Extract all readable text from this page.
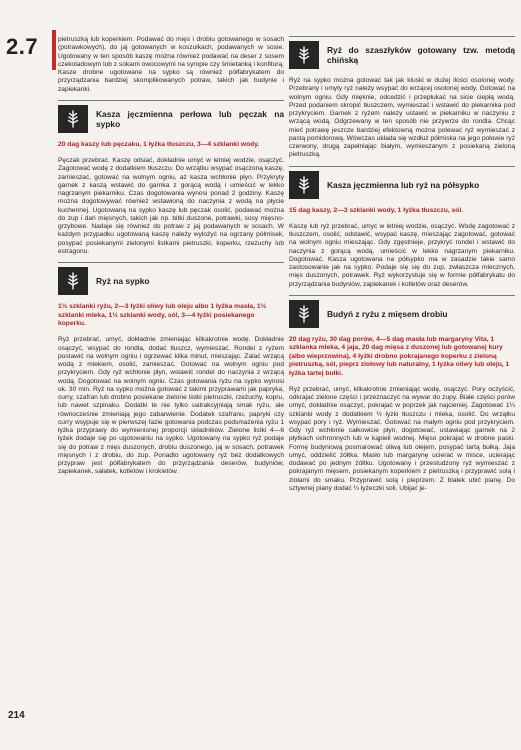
2.7	pietruszką lub koperkiem. Podawać do mięs i drobiu gotowanego w sosach (potrawkowych), do jaj gotowanych w koszulkach, podawanych w sosie. Ugotowany w ten sposób kaszę można również podawać na deser z sosem czekoladowym lub z sokami owocowymi na syropie czy śmietanką i konfiturą. Kasze drobne ugotowane na sypko są również półfabrykatem do przyrządzania bardziej skomplikowanych potraw, takich jak budynie i zapiekanki.

Kasza jęczmienna perłowa lub pęczak na sypko

20 dag kaszy lub pęczaku, 1 łyżka tłuszczu, 3—4 szklanki wody.

Pęczak przebrać. Kaszę odsiać, dokładnie umyć w letniej wodzie, osączyć. Zagotować wodę z dodatkiem tłuszczu. Do wrzątku wsypać osączoną kaszę, zamieszać, gotować na wolnym ogniu, aż kasza wchłonie płyn. Przykryty garnek z kaszą wstawić do garnka z gorącą wodą i umieścić w lekko nagrzanym piekarniku. Czas dogotowania wynosi ponad 2 godziny. Kaszę można dogotowywać również wstawioną do naczynia z wodą na płycie kuchennej. Ugotowaną na sypko kaszę lub pęczak osolić, podawać można do zup i dań mięsnych, takich jak np. bitki duszone, potrawki, sosy mięsno-grzybowe. Nadaje się również do potraw z jaj podawanych w sosach. W każdym przypadku ugotowaną kaszę należy wyłożyć na ogrzany półmisek, posypać posiekanymi zielonymi listkami pietruszki, koperku, rzeżuchy lub estragonu.

Ryż na sypko

1½ szklanki ryżu, 2—3 łyżki oliwy lub oleju albo 1 łyżka masła, 1½ szklanki mleka, 1½ szklanki wody, sól, 3—4 łyżki posiekanego koperku.

Ryż przebrać, umyć, dokładnie zmieniając kilkakrotnie wodę. Dokładnie osączyć, wsypać do rondla, dodać tłuszcz, wymieszać. Rondel z ryżem postawić na wolnym ogniu i ogrzewać kilka minut, mieszając. Zalać wrzącą wodą z mlekiem, osolić, zamieszać. Gotować na wolnym ogniu pod przykryciem. Gdy ryż wchłonie płyn, wstawić rondel do naczynia z wrzącą wodą. Dogotować na wolnym ogniu. Czas gotowania ryżu na sypko wynosi ok. 30 min. Ryż na sypko można gotować z takimi przyprawami jak papryka, curry, szafran lub drobno posiekane zielone listki pietruszki, rzeżuchy, kopru, lub nawet szpinaku. Dodatki te nie tylko uatrakcyjniają smak ryżu, ale równocześnie zmieniają jego zabarwienie. Dodatek szafranu, papryki czy curry wsypuje się w pierwszej fazie gotowania podczas podsmażenia ryżu 1 łyżka przyprawy do wymienionej proporcji składników. Zielone listki 4—6 łyżek dodaje się po ugotowaniu na sypko. Ugotowany na sypko ryż podaje się do potraw z mięs duszonych, drobiu duszonego, jaj w sosach, potrawek mięsnych i z drobiu, do zup. Ponadto ugotowany ryż bez dodatkowych przypraw jest półfabrykatem do przyrządzania deserów, budyniów, zapiekanek, sałatek, kotletów i krokietów.

Ryż do szaszłyków gotowany tzw. metodą chińską

Ryż na sypko można gotować tak jak kluski w dużej ilości osolonej wody. Przebrany i umyty ryż należy wsypać do wrzącej osolonej wody. Gotować na wolnym ogniu. Gdy mięknie, odcedzić i przepłukać na sicie ciepłą wodą. Przed podaniem skropić tłuszczem, wymieszać i wstawić do piekarnika pod przykryciem. Garnek z ryżem należy ustawić w piekarniku w naczyniu z wrzącą wodą. Odgrzewany w ten sposób nie przywrze do rondla. Chcąc mieć potrawę jeszcze bardziej efektowną można polewać ryż wymieszać z pastą pomidorową. Wówczas układa się wzdłuż półmiska na jego połowie ryż czerwony, drugą zapełniając białym, wymieszanym z posiekaną zieloną pietruszką.

Kasza jęczmienna lub ryż na półsypko

15 dag kaszy, 2—3 szklanki wody, 1 łyżka tłuszczu, sól.

Kaszę lub ryż przebrać, umyć w letniej wodzie, osączyć. Wodę zagotować z tłuszczem, osolić, odstawić, wsypać kaszę, mieszając zagotować, gotować na wolnym ogniu mieszając. Gdy zgęstnieje, przykryć rondel i wstawić do naczynia z gorącą wodą, umieścić w lekko nagrzanym piekarniku. Dogotować. Kasza ugotowana na półsypko ma w zasadzie takie samo zastosowanie jak na sypko. Podaje się się do zup, zwłaszcza mlecznych, mięs duszonych, potrawek. Ryż wykorzystuje się w formie półfabrykatu do przyrządzania budyniów, zapiekanek i kotletów oraz deserów.

Budyń z ryżu z mięsem drobiu

20 dag ryżu, 30 dag porów, 4—5 dag masła lub margaryny Vita, 1 szklanka mleka, 4 jaja, 20 dag mięsa z duszonej lub gotowanej kury (albo wieprzowina), 4 łyżki drobno pokrajanego koperku z zieloną pietruszką, sól, pieprz ziołowy lub naturalny, 1 łyżka oliwy lub oleju, 1 łyżka tartej bułki.

Ryż przebrać, umyć, kilkakrotnie zmieniając wodę, osączyć. Pory oczyścić, odkrajać zielone części i przeznaczyć na wywar do zupy. Białe części porów umyć, dokładnie osączyć, pokrajać w poprzek jak najcieniej. Zagotować 1¼ szklanki wody z dodatkiem ½ łyżki tłuszczu i mleka, osolić. Do wrzątku wsypać pory i ryż. Wymieszać. Gotować na małym ogniu pod przykryciem. Gdy ryż wchłonie całkowicie płyn, dogotować, ustawiając garnek na 2 płytkach ochronnych lub w kąpieli wodnej. Mięso pokrajać w drobne paski. Formę budyniową posmarować oliwą lub olejem, posypać tartą bułką. Jaja umyć, oddzielić żółtka. Masło lub margarynę ucierać w misce, ucierając dodawać po jednym żółtku. Ugotowany i przestudzony ryż wymieszać z pokrajanym mięsem, posiekanym koperkiem z pietruszką i przyprawić solą i ziołami do smaku. Przyprawić solą i pieprzem. Z białek ubić pianę. Do sztywnej piany dodać ¼ łyżeczki soli. Ubijać je-

214
